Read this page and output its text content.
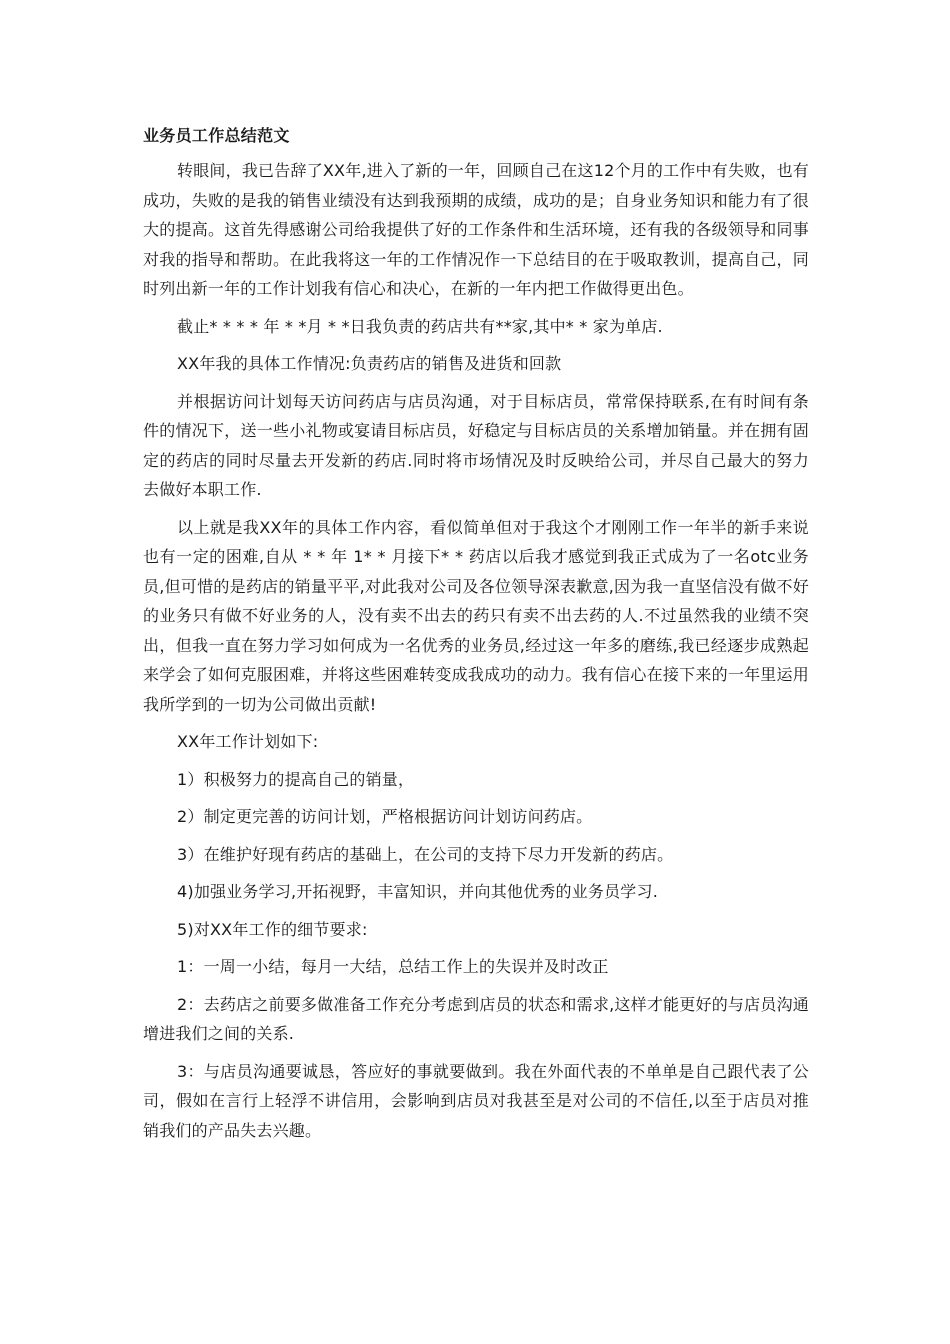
业务员工作总结范文

转眼间，我已告辞了XX年,进入了新的一年，回顾自己在这12个月的工作中有失败，也有成功，失败的是我的销售业绩没有达到我预期的成绩，成功的是；自身业务知识和能力有了很大的提高。这首先得感谢公司给我提供了好的工作条件和生活环境，还有我的各级领导和同事对我的指导和帮助。在此我将这一年的工作情况作一下总结目的在于吸取教训，提高自己，同时列出新一年的工作计划我有信心和决心，在新的一年内把工作做得更出色。

截止* * * * 年 * *月 * *日我负责的药店共有**家,其中* * 家为单店.

XX年我的具体工作情况:负责药店的销售及进货和回款

并根据访问计划每天访问药店与店员沟通，对于目标店员，常常保持联系,在有时间有条件的情况下，送一些小礼物或宴请目标店员，好稳定与目标店员的关系增加销量。并在拥有固定的药店的同时尽量去开发新的药店.同时将市场情况及时反映给公司，并尽自己最大的努力去做好本职工作.

以上就是我XX年的具体工作内容，看似简单但对于我这个才刚刚工作一年半的新手来说也有一定的困难,自从 * * 年 1* * 月接下* * 药店以后我才感觉到我正式成为了一名otc业务员,但可惜的是药店的销量平平,对此我对公司及各位领导深表歉意,因为我一直坚信没有做不好的业务只有做不好业务的人，没有卖不出去的药只有卖不出去药的人.不过虽然我的业绩不突出，但我一直在努力学习如何成为一名优秀的业务员,经过这一年多的磨练,我已经逐步成熟起来学会了如何克服困难，并将这些困难转变成我成功的动力。我有信心在接下来的一年里运用我所学到的一切为公司做出贡献!

XX年工作计划如下:

1）积极努力的提高自己的销量，

2）制定更完善的访问计划，严格根据访问计划访问药店。

3）在维护好现有药店的基础上，在公司的支持下尽力开发新的药店。

4)加强业务学习,开拓视野，丰富知识，并向其他优秀的业务员学习.

5)对XX年工作的细节要求:

1：一周一小结，每月一大结，总结工作上的失误并及时改正

2：去药店之前要多做准备工作充分考虑到店员的状态和需求,这样才能更好的与店员沟通增进我们之间的关系.

3：与店员沟通要诚恳，答应好的事就要做到。我在外面代表的不单单是自己跟代表了公司，假如在言行上轻浮不讲信用，会影响到店员对我甚至是对公司的不信任,以至于店员对推销我们的产品失去兴趣。
